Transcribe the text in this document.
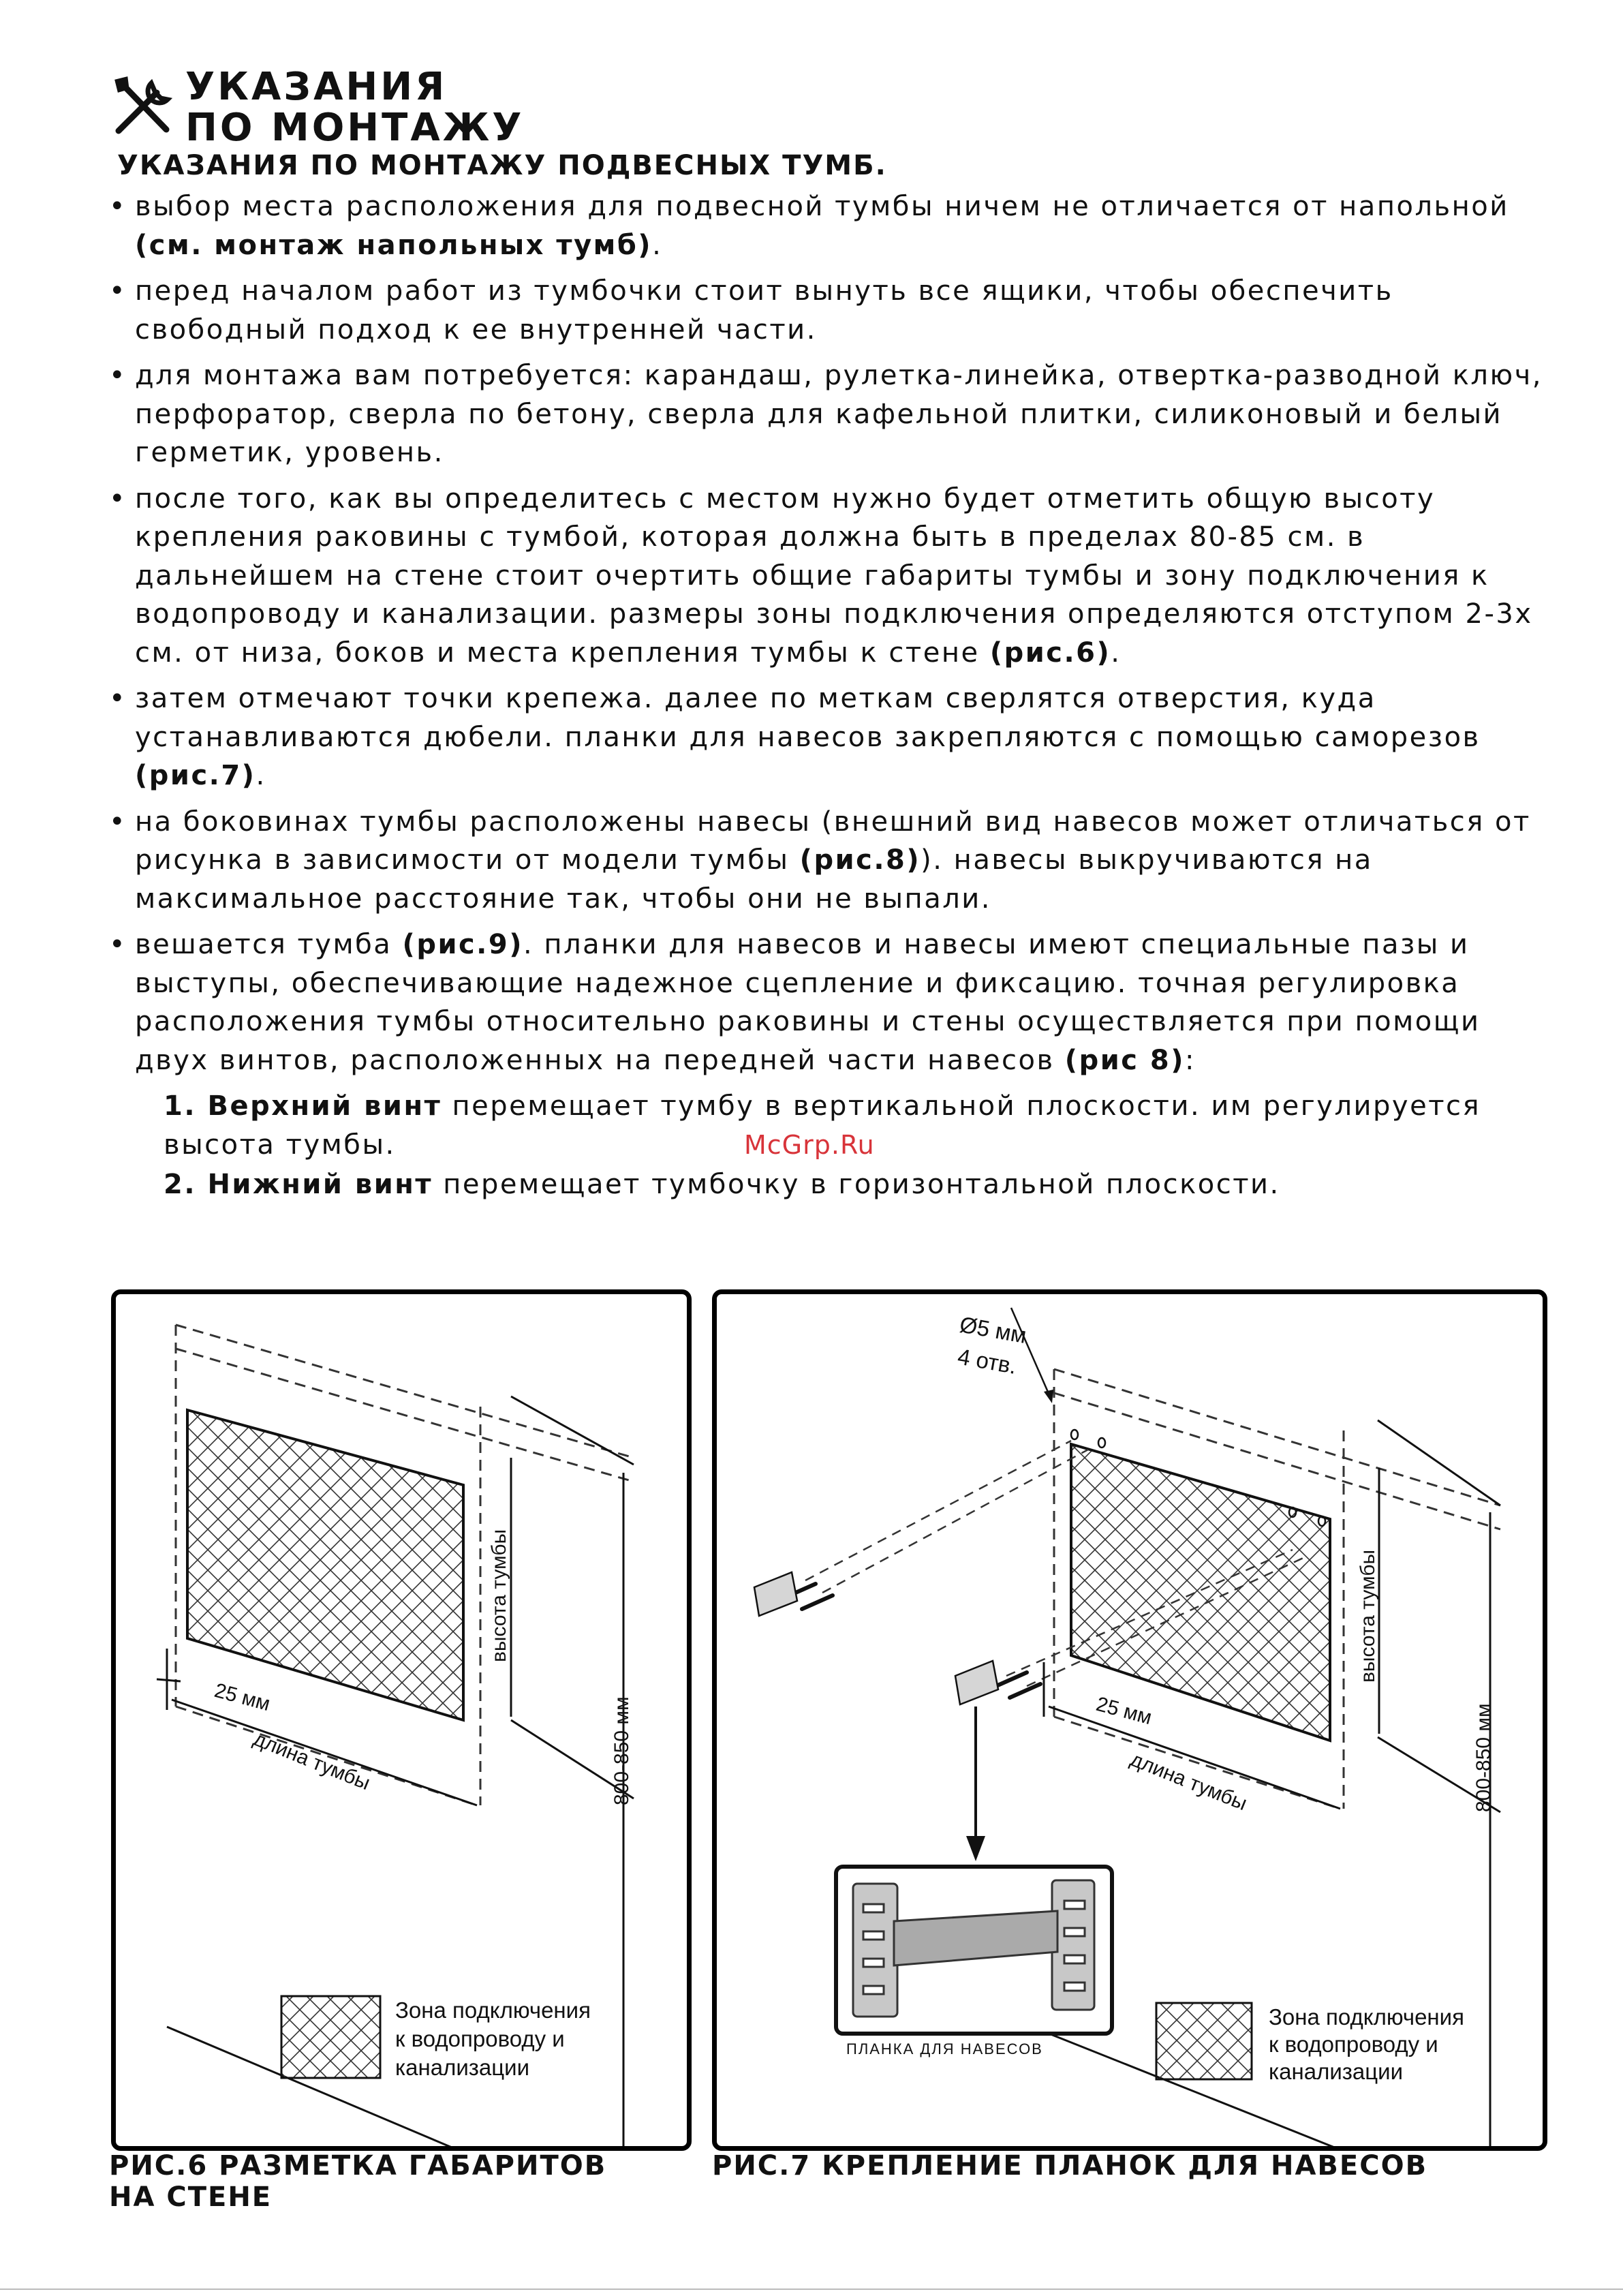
УКАЗАНИЯ
ПО МОНТАЖУ
УКАЗАНИЯ ПО МОНТАЖУ ПОДВЕСНЫХ ТУМБ.
• выбор места расположения для подвесной тумбы ничем не отличается от напольной (см. монтаж напольных тумб).
• перед началом работ из тумбочки стоит вынуть все ящики, чтобы обеспечить свободный подход к ее внутренней части.
• для монтажа вам потребуется: карандаш, рулетка-линейка, отвертка-разводной ключ, перфоратор, сверла по бетону, сверла для кафельной плитки, силиконовый и белый герметик, уровень.
• после того, как вы определитесь с местом нужно будет отметить общую высоту крепления раковины с тумбой, которая должна быть в пределах 80-85 см. в дальнейшем на стене стоит очертить общие габариты тумбы и зону подключения к водопроводу и канализации. размеры зоны подключения определяются отступом 2-3х см. от низа, боков и места крепления тумбы к стене (рис.6).
• затем отмечают точки крепежа. далее по меткам сверлятся отверстия, куда устанавливаются дюбели. планки для навесов закрепляются с помощью саморезов (рис.7).
• на боковинах тумбы расположены навесы (внешний вид навесов может отличаться от рисунка в зависимости от модели тумбы (рис.8)). навесы выкручиваются на максимальное расстояние так, чтобы они не выпали.
• вешается тумба (рис.9). планки для навесов и навесы имеют специальные пазы и выступы, обеспечивающие надежное сцепление и фиксацию. точная регулировка расположения тумбы относительно раковины и стены осуществляется при помощи двух винтов, расположенных на передней части навесов (рис 8):
1. Верхний винт перемещает тумбу в вертикальной плоскости. им регулируется высота тумбы.
2. Нижний винт перемещает тумбочку в горизонтальной плоскости.
McGrp.Ru
высота тумбы
25 мм
длина тумбы	800-850 мм
Зона подключения
к водопроводу и
канализации
Ø5 мм
4 отв.
высота тумбы
25 мм
длина тумбы	800-850 мм
ПЛАНКА ДЛЯ НАВЕСОВ
Зона подключения
к водопроводу и
канализации
РИС.6 РАЗМЕТКА ГАБАРИТОВ
НА СТЕНЕ
РИС.7 КРЕПЛЕНИЕ ПЛАНОК ДЛЯ НАВЕСОВ
